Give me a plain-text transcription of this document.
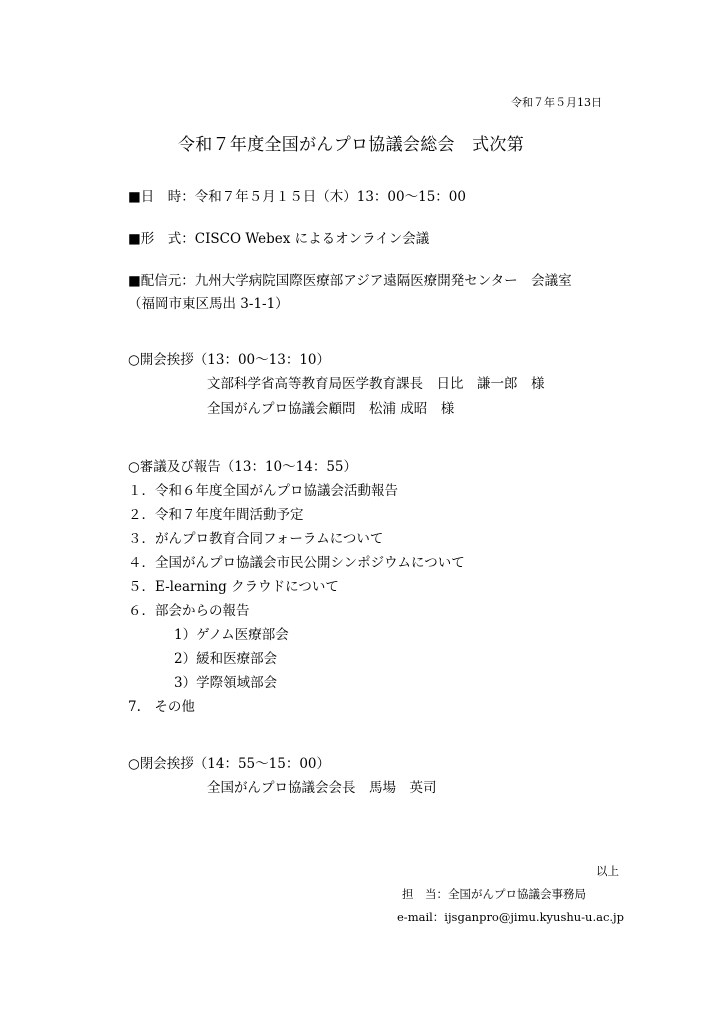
令和７年５月13日
令和７年度全国がんプロ協議会総会　式次第
■日　時：令和７年５月１５日（木）13：00～15：00
■形　式：CISCO Webex によるオンライン会議
■配信元：九州大学病院国際医療部アジア遠隔医療開発センター　会議室
（福岡市東区馬出 3-1-1）
○開会挨拶（13：00～13：10）
文部科学省高等教育局医学教育課長　日比　謙一郎　様
全国がんプロ協議会顧問　松浦 成昭　様
○審議及び報告（13：10～14：55）
１．令和６年度全国がんプロ協議会活動報告
２．令和７年度年間活動予定
３．がんプロ教育合同フォーラムについて
４．全国がんプロ協議会市民公開シンポジウムについて
５．E-learning クラウドについて
６．部会からの報告
1）ゲノム医療部会
2）緩和医療部会
3）学際領域部会
7.　その他
○閉会挨拶（14：55～15：00）
全国がんプロ協議会会長　馬場　英司
以上
担　当：全国がんプロ協議会事務局
e-mail：ijsganpro@jimu.kyushu-u.ac.jp
